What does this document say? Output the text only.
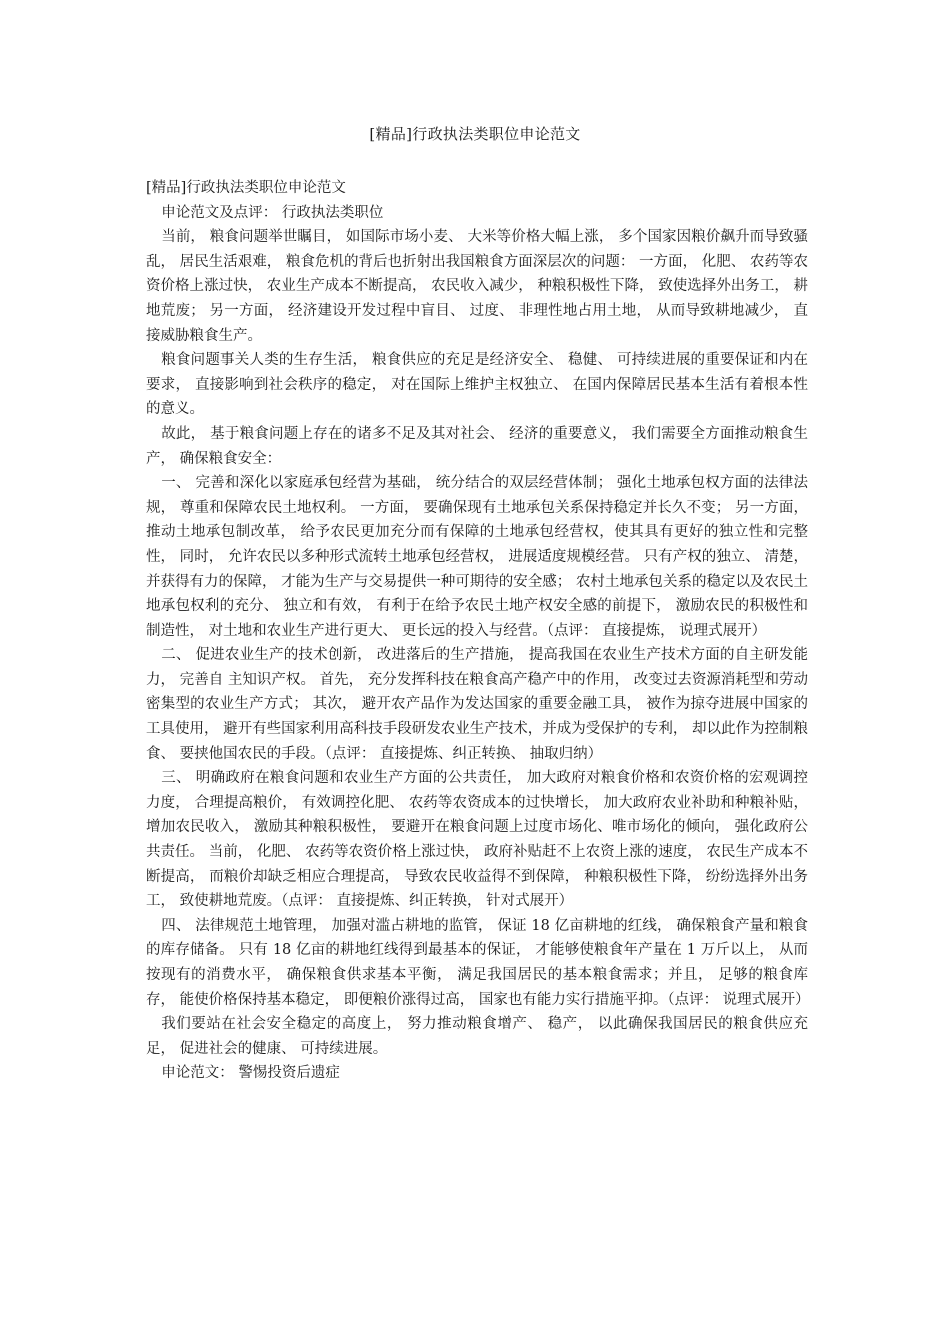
[精品]行政执法类职位申论范文

[精品]行政执法类职位申论范文

申论范文及点评： 行政执法类职位

当前， 粮食问题举世瞩目， 如国际市场小麦、 大米等价格大幅上涨， 多个国家因粮价飙升而导致骚乱， 居民生活艰难， 粮食危机的背后也折射出我国粮食方面深层次的问题： 一方面， 化肥、 农药等农资价格上涨过快， 农业生产成本不断提高， 农民收入减少， 种粮积极性下降， 致使选择外出务工， 耕地荒废； 另一方面， 经济建设开发过程中盲目、 过度、 非理性地占用土地， 从而导致耕地减少， 直接威胁粮食生产。

粮食问题事关人类的生存生活， 粮食供应的充足是经济安全、 稳健、 可持续进展的重要保证和内在要求， 直接影响到社会秩序的稳定， 对在国际上维护主权独立、 在国内保障居民基本生活有着根本性的意义。

故此， 基于粮食问题上存在的诸多不足及其对社会、 经济的重要意义， 我们需要全方面推动粮食生产， 确保粮食安全：

一、 完善和深化以家庭承包经营为基础， 统分结合的双层经营体制； 强化土地承包权方面的法律法规， 尊重和保障农民土地权利。 一方面， 要确保现有土地承包关系保持稳定并长久不变； 另一方面， 推动土地承包制改革， 给予农民更加充分而有保障的土地承包经营权，使其具有更好的独立性和完整性， 同时， 允许农民以多种形式流转土地承包经营权， 进展适度规模经营。 只有产权的独立、 清楚， 并获得有力的保障， 才能为生产与交易提供一种可期待的安全感； 农村土地承包关系的稳定以及农民土地承包权利的充分、 独立和有效， 有利于在给予农民土地产权安全感的前提下， 激励农民的积极性和制造性， 对土地和农业生产进行更大、 更长远的投入与经营。（点评： 直接提炼， 说理式展开）

二、 促进农业生产的技术创新， 改进落后的生产措施， 提高我国在农业生产技术方面的自主研发能力， 完善自 主知识产权。 首先， 充分发挥科技在粮食高产稳产中的作用， 改变过去资源消耗型和劳动密集型的农业生产方式； 其次， 避开农产品作为发达国家的重要金融工具， 被作为掠夺进展中国家的工具使用， 避开有些国家利用高科技手段研发农业生产技术，并成为受保护的专利， 却以此作为控制粮食、 要挟他国农民的手段。（点评： 直接提炼、纠正转换、 抽取归纳）

三、 明确政府在粮食问题和农业生产方面的公共责任， 加大政府对粮食价格和农资价格的宏观调控力度， 合理提高粮价， 有效调控化肥、 农药等农资成本的过快增长， 加大政府农业补助和种粮补贴， 增加农民收入， 激励其种粮积极性， 要避开在粮食问题上过度市场化、唯市场化的倾向， 强化政府公共责任。 当前， 化肥、 农药等农资价格上涨过快， 政府补贴赶不上农资上涨的速度， 农民生产成本不断提高， 而粮价却缺乏相应合理提高， 导致农民收益得不到保障， 种粮积极性下降， 纷纷选择外出务工， 致使耕地荒废。（点评： 直接提炼、纠正转换， 针对式展开）

四、 法律规范土地管理， 加强对滥占耕地的监管， 保证 18 亿亩耕地的红线， 确保粮食产量和粮食的库存储备。 只有 18 亿亩的耕地红线得到最基本的保证， 才能够使粮食年产量在 1 万斤以上， 从而按现有的消费水平， 确保粮食供求基本平衡， 满足我国居民的基本粮食需求；并且， 足够的粮食库存， 能使价格保持基本稳定， 即便粮价涨得过高， 国家也有能力实行措施平抑。（点评： 说理式展开）

我们要站在社会安全稳定的高度上， 努力推动粮食增产、 稳产， 以此确保我国居民的粮食供应充足， 促进社会的健康、 可持续进展。

申论范文： 警惕投资后遗症
